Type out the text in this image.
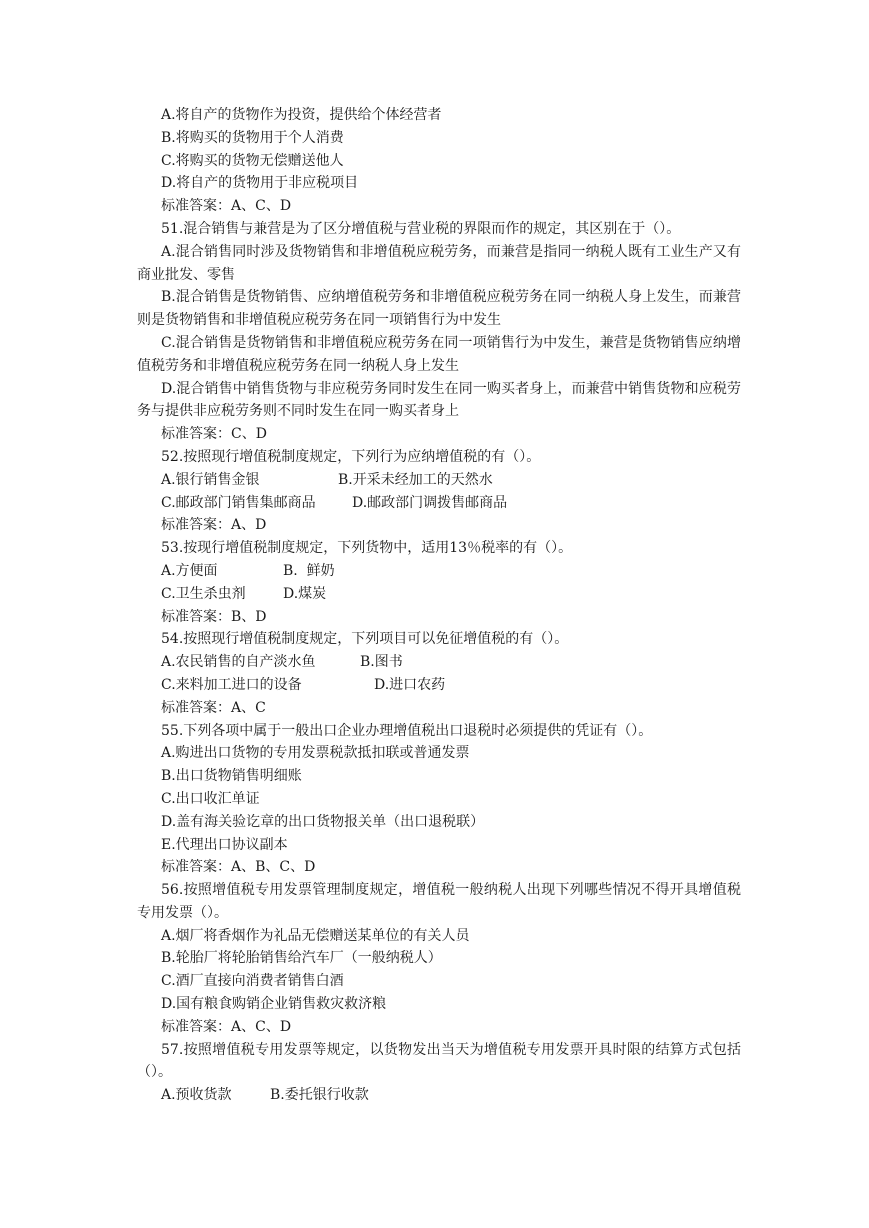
A.将自产的货物作为投资，提供给个体经营者
B.将购买的货物用于个人消费
C.将购买的货物无偿赠送他人
D.将自产的货物用于非应税项目
标准答案：A、C、D
51.混合销售与兼营是为了区分增值税与营业税的界限而作的规定，其区别在于（）。
A.混合销售同时涉及货物销售和非增值税应税劳务，而兼营是指同一纳税人既有工业生产又有商业批发、零售
B.混合销售是货物销售、应纳增值税劳务和非增值税应税劳务在同一纳税人身上发生，而兼营则是货物销售和非增值税应税劳务在同一项销售行为中发生
C.混合销售是货物销售和非增值税应税劳务在同一项销售行为中发生，兼营是货物销售应纳增值税劳务和非增值税应税劳务在同一纳税人身上发生
D.混合销售中销售货物与非应税劳务同时发生在同一购买者身上，而兼营中销售货物和应税劳务与提供非应税劳务则不同时发生在同一购买者身上
标准答案：C、D
52.按照现行增值税制度规定，下列行为应纳增值税的有（）。
A.银行销售金银	B.开采未经加工的天然水
C.邮政部门销售集邮商品	D.邮政部门调拨售邮商品
标准答案：A、D
53.按现行增值税制度规定，下列货物中，适用13％税率的有（）。
A.方便面	B.  鲜奶
C.卫生杀虫剂	D.煤炭
标准答案：B、D
54.按照现行增值税制度规定，下列项目可以免征增值税的有（）。
A.农民销售的自产淡水鱼	B.图书
C.来料加工进口的设备	D.进口农药
标准答案：A、C
55.下列各项中属于一般出口企业办理增值税出口退税时必须提供的凭证有（）。
A.购进出口货物的专用发票税款抵扣联或普通发票
B.出口货物销售明细账
C.出口收汇单证
D.盖有海关验讫章的出口货物报关单（出口退税联）
E.代理出口协议副本
标准答案：A、B、C、D
56.按照增值税专用发票管理制度规定，增值税一般纳税人出现下列哪些情况不得开具增值税专用发票（）。
A.烟厂将香烟作为礼品无偿赠送某单位的有关人员
B.轮胎厂将轮胎销售给汽车厂（一般纳税人）
C.酒厂直接向消费者销售白酒
D.国有粮食购销企业销售救灾救济粮
标准答案：A、C、D
57.按照增值税专用发票等规定，以货物发出当天为增值税专用发票开具时限的结算方式包括（）。
A.预收货款	B.委托银行收款
